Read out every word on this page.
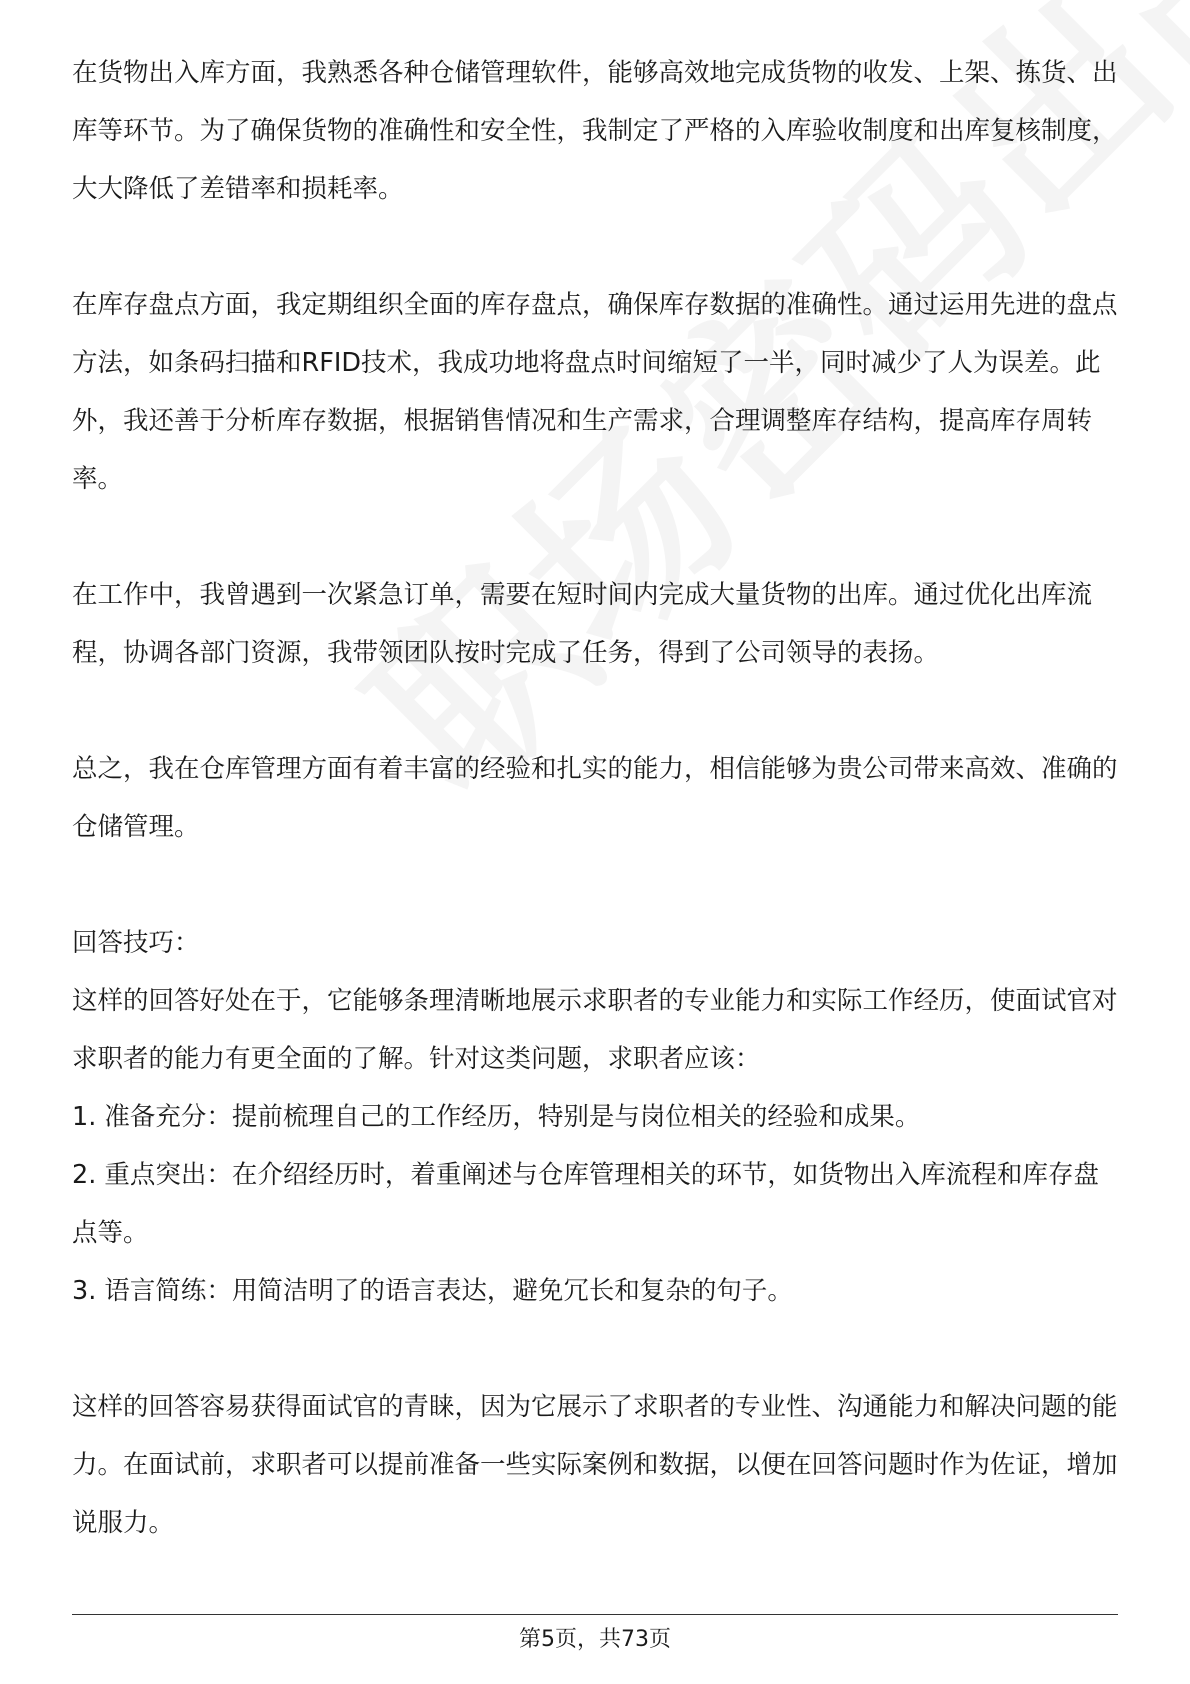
在货物出入库方面，我熟悉各种仓储管理软件，能够高效地完成货物的收发、上架、拣货、出库等环节。为了确保货物的准确性和安全性，我制定了严格的入库验收制度和出库复核制度，大大降低了差错率和损耗率。

在库存盘点方面，我定期组织全面的库存盘点，确保库存数据的准确性。通过运用先进的盘点方法，如条码扫描和RFID技术，我成功地将盘点时间缩短了一半，同时减少了人为误差。此外，我还善于分析库存数据，根据销售情况和生产需求，合理调整库存结构，提高库存周转率。

在工作中，我曾遇到一次紧急订单，需要在短时间内完成大量货物的出库。通过优化出库流程，协调各部门资源，我带领团队按时完成了任务，得到了公司领导的表扬。

总之，我在仓库管理方面有着丰富的经验和扎实的能力，相信能够为贵公司带来高效、准确的仓储管理。

回答技巧：
这样的回答好处在于，它能够条理清晰地展示求职者的专业能力和实际工作经历，使面试官对求职者的能力有更全面的了解。针对这类问题，求职者应该：
1. 准备充分：提前梳理自己的工作经历，特别是与岗位相关的经验和成果。
2. 重点突出：在介绍经历时，着重阐述与仓库管理相关的环节，如货物出入库流程和库存盘点等。
3. 语言简练：用简洁明了的语言表达，避免冗长和复杂的句子。

这样的回答容易获得面试官的青睐，因为它展示了求职者的专业性、沟通能力和解决问题的能力。在面试前，求职者可以提前准备一些实际案例和数据，以便在回答问题时作为佐证，增加说服力。

第5页，共73页
